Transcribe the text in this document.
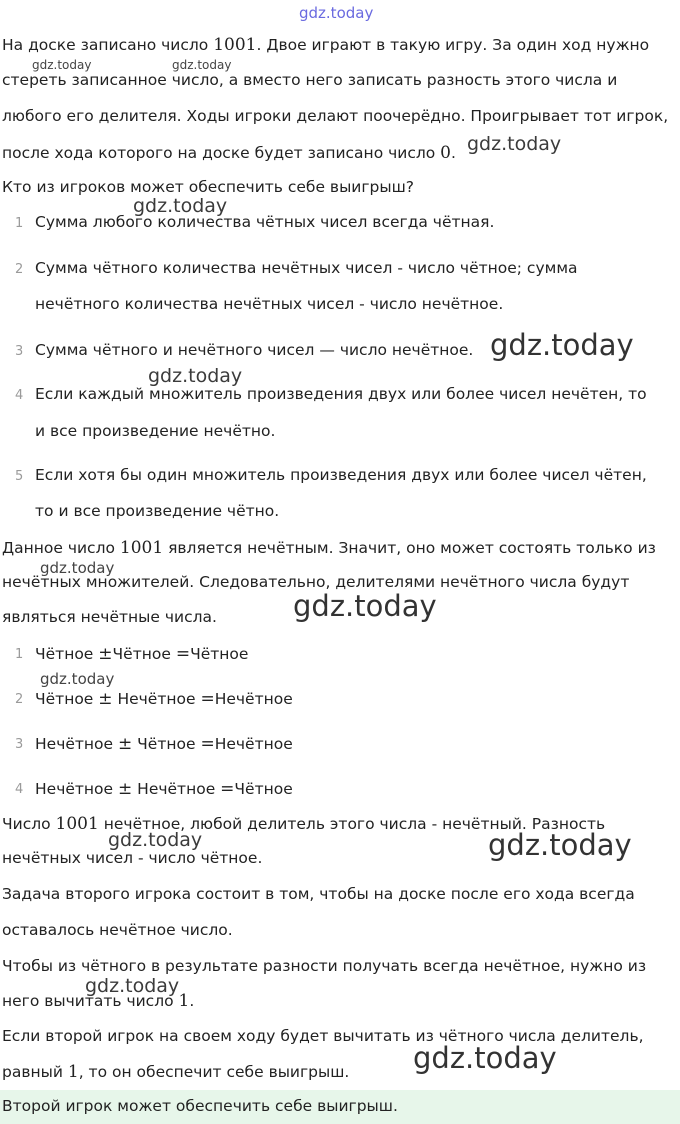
gdz.today
gdz.today	gdz.today
gdz.today
gdz.today
gdz.today
gdz.today
gdz.today
gdz.today
gdz.today
gdz.today	gdz.today
gdz.today
gdz.today
На доске записано число 1001. Двое играют в такую игру. За один ход нужно
стереть записанное число, а вместо него записать разность этого числа и
любого его делителя. Ходы игроки делают поочерёдно. Проигрывает тот игрок,
после хода которого на доске будет записано число 0.
Кто из игроков может обеспечить себе выигрыш?
1 Сумма любого количества чётных чисел всегда чётная.
2 Сумма чётного количества нечётных чисел - число чётное; сумма
нечётного количества нечётных чисел - число нечётное.
3 Сумма чётного и нечётного чисел — число нечётное.
4 Если каждый множитель произведения двух или более чисел нечётен, то
и все произведение нечётно.
5 Если хотя бы один множитель произведения двух или более чисел чётен,
то и все произведение чётно.
Данное число 1001 является нечётным. Значит, оно может состоять только из
нечётных множителей. Следовательно, делителями нечётного числа будут
являться нечётные числа.
1 Чётное ±Чётное =Чётное
2 Чётное ± Нечётное =Нечётное
3 Нечётное ± Чётное =Нечётное
4 Нечётное ± Нечётное =Чётное
Число 1001 нечётное, любой делитель этого числа - нечётный. Разность
нечётных чисел - число чётное.
Задача второго игрока состоит в том, чтобы на доске после его хода всегда
оставалось нечётное число.
Чтобы из чётного в результате разности получать всегда нечётное, нужно из
него вычитать число 1.
Если второй игрок на своем ходу будет вычитать из чётного числа делитель,
равный 1, то он обеспечит себе выигрыш.
Второй игрок может обеспечить себе выигрыш.
